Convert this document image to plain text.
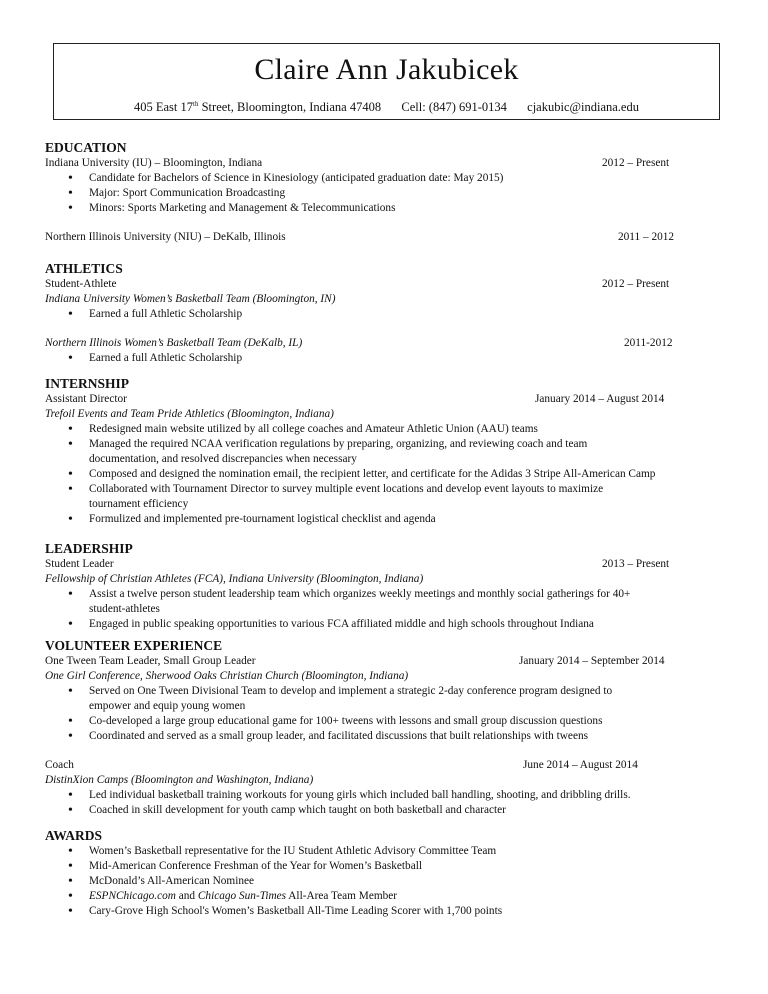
Claire Ann Jakubicek
405 East 17th Street, Bloomington, Indiana 47408 Cell: (847) 691-0134 cjakubic@indiana.edu
EDUCATION
Indiana University (IU) – Bloomington, Indiana	2012 – Present
• Candidate for Bachelors of Science in Kinesiology (anticipated graduation date: May 2015)
• Major: Sport Communication Broadcasting
• Minors: Sports Marketing and Management & Telecommunications
Northern Illinois University (NIU) – DeKalb, Illinois	2011 – 2012
ATHLETICS
Student-Athlete	2012 – Present
Indiana University Women’s Basketball Team (Bloomington, IN)
• Earned a full Athletic Scholarship
Northern Illinois Women’s Basketball Team (DeKalb, IL)	2011-2012
• Earned a full Athletic Scholarship
INTERNSHIP
Assistant Director	January 2014 – August 2014
Trefoil Events and Team Pride Athletics (Bloomington, Indiana)
• Redesigned main website utilized by all college coaches and Amateur Athletic Union (AAU) teams
• Managed the required NCAA verification regulations by preparing, organizing, and reviewing coach and team
documentation, and resolved discrepancies when necessary
• Composed and designed the nomination email, the recipient letter, and certificate for the Adidas 3 Stripe All-American Camp
• Collaborated with Tournament Director to survey multiple event locations and develop event layouts to maximize
tournament efficiency
• Formulized and implemented pre-tournament logistical checklist and agenda
LEADERSHIP
Student Leader	2013 – Present
Fellowship of Christian Athletes (FCA), Indiana University (Bloomington, Indiana)
• Assist a twelve person student leadership team which organizes weekly meetings and monthly social gatherings for 40+
student-athletes
• Engaged in public speaking opportunities to various FCA affiliated middle and high schools throughout Indiana
VOLUNTEER EXPERIENCE
One Tween Team Leader, Small Group Leader	January 2014 – September 2014
One Girl Conference, Sherwood Oaks Christian Church (Bloomington, Indiana)
• Served on One Tween Divisional Team to develop and implement a strategic 2-day conference program designed to
empower and equip young women
• Co-developed a large group educational game for 100+ tweens with lessons and small group discussion questions
• Coordinated and served as a small group leader, and facilitated discussions that built relationships with tweens
Coach	June 2014 – August 2014
DistinXion Camps (Bloomington and Washington, Indiana)
• Led individual basketball training workouts for young girls which included ball handling, shooting, and dribbling drills.
• Coached in skill development for youth camp which taught on both basketball and character
AWARDS
• Women’s Basketball representative for the IU Student Athletic Advisory Committee Team
• Mid-American Conference Freshman of the Year for Women’s Basketball
• McDonald’s All-American Nominee
• ESPNChicago.com and Chicago Sun-Times All-Area Team Member
• Cary-Grove High School's Women’s Basketball All-Time Leading Scorer with 1,700 points
